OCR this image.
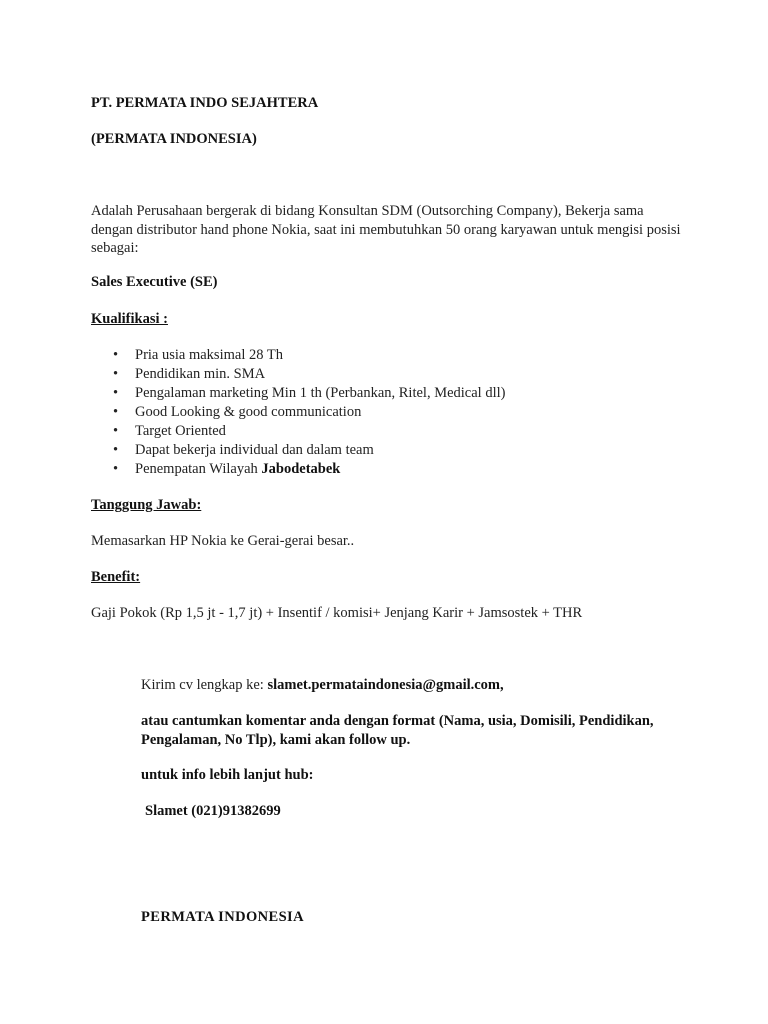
PT. PERMATA INDO SEJAHTERA
(PERMATA INDONESIA)
Adalah Perusahaan bergerak di bidang Konsultan SDM (Outsorching Company), Bekerja sama dengan distributor hand phone Nokia, saat ini membutuhkan 50 orang karyawan untuk mengisi posisi sebagai:
Sales Executive (SE)
Kualifikasi :
• Pria usia maksimal 28 Th
• Pendidikan min. SMA
• Pengalaman marketing Min 1 th (Perbankan, Ritel, Medical dll)
• Good Looking & good communication
• Target Oriented
• Dapat bekerja individual dan dalam team
• Penempatan Wilayah Jabodetabek
Tanggung Jawab:
Memasarkan HP Nokia ke Gerai-gerai besar..
Benefit:
Gaji Pokok (Rp 1,5 jt - 1,7 jt) + Insentif / komisi+ Jenjang Karir + Jamsostek + THR
Kirim cv lengkap ke: slamet.permataindonesia@gmail.com,
atau cantumkan komentar anda dengan format (Nama, usia, Domisili, Pendidikan, Pengalaman, No Tlp), kami akan follow up.
untuk info lebih lanjut hub:
Slamet (021)91382699
PERMATA INDONESIA
